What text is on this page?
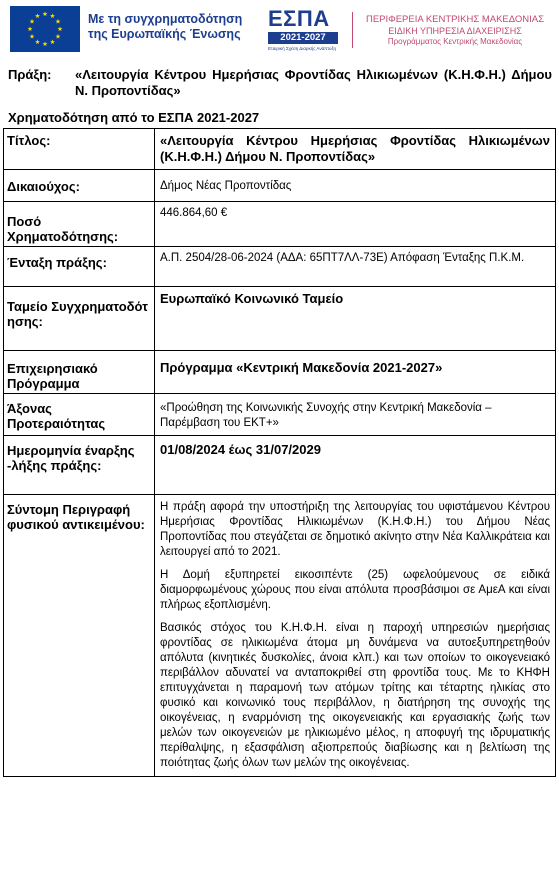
Με τη συγχρηματοδότηση
της Ευρωπαϊκής Ένωσης
ΕΣΠΑ
2021-2027
Εταιρική Σχέση Διαρκής Ανάπτυξη
ΠΕΡΙΦΕΡΕΙΑ ΚΕΝΤΡΙΚΗΣ ΜΑΚΕΔΟΝΙΑΣ
ΕΙΔΙΚΗ ΥΠΗΡΕΣΙΑ ΔΙΑΧΕΙΡΙΣΗΣ
Προγράμματος Κεντρικής Μακεδονίας
Πράξη:	«Λειτουργία Κέντρου Ημερήσιας Φροντίδας Ηλικιωμένων (Κ.Η.Φ.Η.) Δήμου Ν. Προποντίδας»
Χρηματοδότηση από το ΕΣΠΑ 2021-2027
Τίτλος:	«Λειτουργία Κέντρου Ημερήσιας Φροντίδας Ηλικιωμένων (Κ.Η.Φ.Η.) Δήμου Ν. Προποντίδας»
Δικαιούχος:	Δήμος Νέας Προποντίδας
Ποσό Χρηματοδότησης:	446.864,60 €
Ένταξη πράξης:	Α.Π. 2504/28-06-2024 (ΑΔΑ: 65ΠΤ7ΛΛ-73Ε) Απόφαση Ένταξης Π.Κ.Μ.
Ταμείο Συγχρηματοδότησης:	Ευρωπαϊκό Κοινωνικό Ταμείο
Επιχειρησιακό Πρόγραμμα	Πρόγραμμα «Κεντρική Μακεδονία 2021-2027»
Άξονας Προτεραιότητας	«Προώθηση της Κοινωνικής Συνοχής στην Κεντρική Μακεδονία – Παρέμβαση του ΕΚΤ+»
Ημερομηνία έναρξης -λήξης πράξης:	01/08/2024 έως 31/07/2029
Σύντομη Περιγραφή φυσικού αντικειμένου:	Η πράξη αφορά την υποστήριξη της λειτουργίας του υφιστάμενου Κέντρου Ημερήσιας Φροντίδας Ηλικιωμένων (Κ.Η.Φ.Η.) του Δήμου Νέας Προποντίδας που στεγάζεται σε δημοτικό ακίνητο στην Νέα Καλλικράτεια και λειτουργεί από το 2021.

Η Δομή εξυπηρετεί εικοσιπέντε (25) ωφελούμενους σε ειδικά διαμορφωμένους χώρους που είναι απόλυτα προσβάσιμοι σε ΑμεΑ και είναι πλήρως εξοπλισμένη.

Βασικός στόχος του Κ.Η.Φ.Η. είναι η παροχή υπηρεσιών ημερήσιας φροντίδας σε ηλικιωμένα άτομα μη δυνάμενα να αυτοεξυπηρετηθούν απόλυτα (κινητικές δυσκολίες, άνοια κλπ.) και των οποίων το οικογενειακό περιβάλλον αδυνατεί να ανταποκριθεί στη φροντίδα τους. Με το ΚΗΦΗ επιτυγχάνεται η παραμονή των ατόμων τρίτης και τέταρτης ηλικίας στο φυσικό και κοινωνικό τους περιβάλλον, η διατήρηση της συνοχής της οικογένειας, η εναρμόνιση της οικογενειακής και εργασιακής ζωής των μελών των οικογενειών με ηλικιωμένο μέλος, η αποφυγή της ιδρυματικής περίθαλψης, η εξασφάλιση αξιοπρεπούς διαβίωσης και η βελτίωση της ποιότητας ζωής όλων των μελών της οικογένειας.
